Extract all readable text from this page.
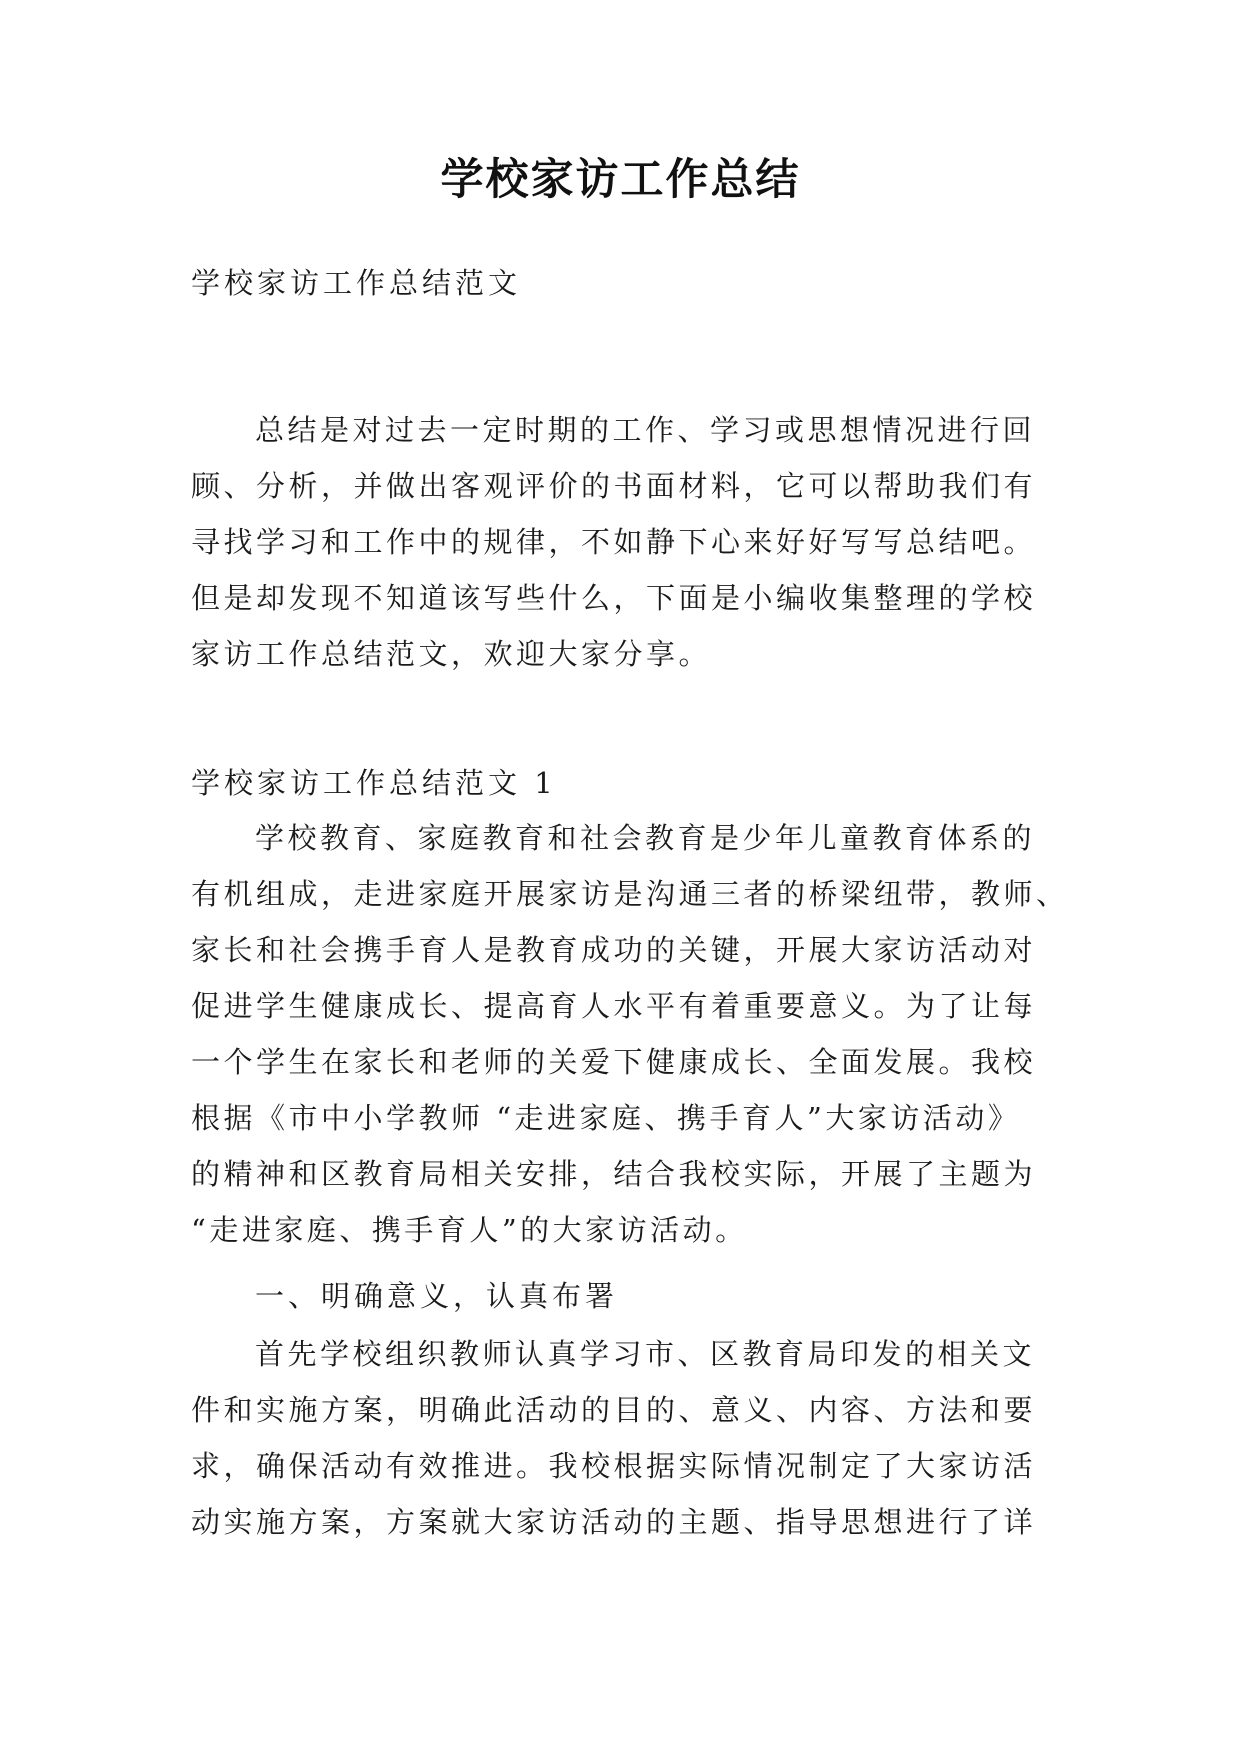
学校家访工作总结
学校家访工作总结范文
总结是对过去一定时期的工作、学习或思想情况进行回
顾、分析，并做出客观评价的书面材料，它可以帮助我们有
寻找学习和工作中的规律，不如静下心来好好写写总结吧。
但是却发现不知道该写些什么，下面是小编收集整理的学校
家访工作总结范文，欢迎大家分享。
学校家访工作总结范文 1
学校教育、家庭教育和社会教育是少年儿童教育体系的
有机组成，走进家庭开展家访是沟通三者的桥梁纽带，教师、
家长和社会携手育人是教育成功的关键，开展大家访活动对
促进学生健康成长、提高育人水平有着重要意义。为了让每
一个学生在家长和老师的关爱下健康成长、全面发展。我校
根据《市中小学教师 “走进家庭、携手育人”大家访活动》
的精神和区教育局相关安排，结合我校实际，开展了主题为
“走进家庭、携手育人”的大家访活动。
一、明确意义，认真布署
首先学校组织教师认真学习市、区教育局印发的相关文
件和实施方案，明确此活动的目的、意义、内容、方法和要
求，确保活动有效推进。我校根据实际情况制定了大家访活
动实施方案，方案就大家访活动的主题、指导思想进行了详
